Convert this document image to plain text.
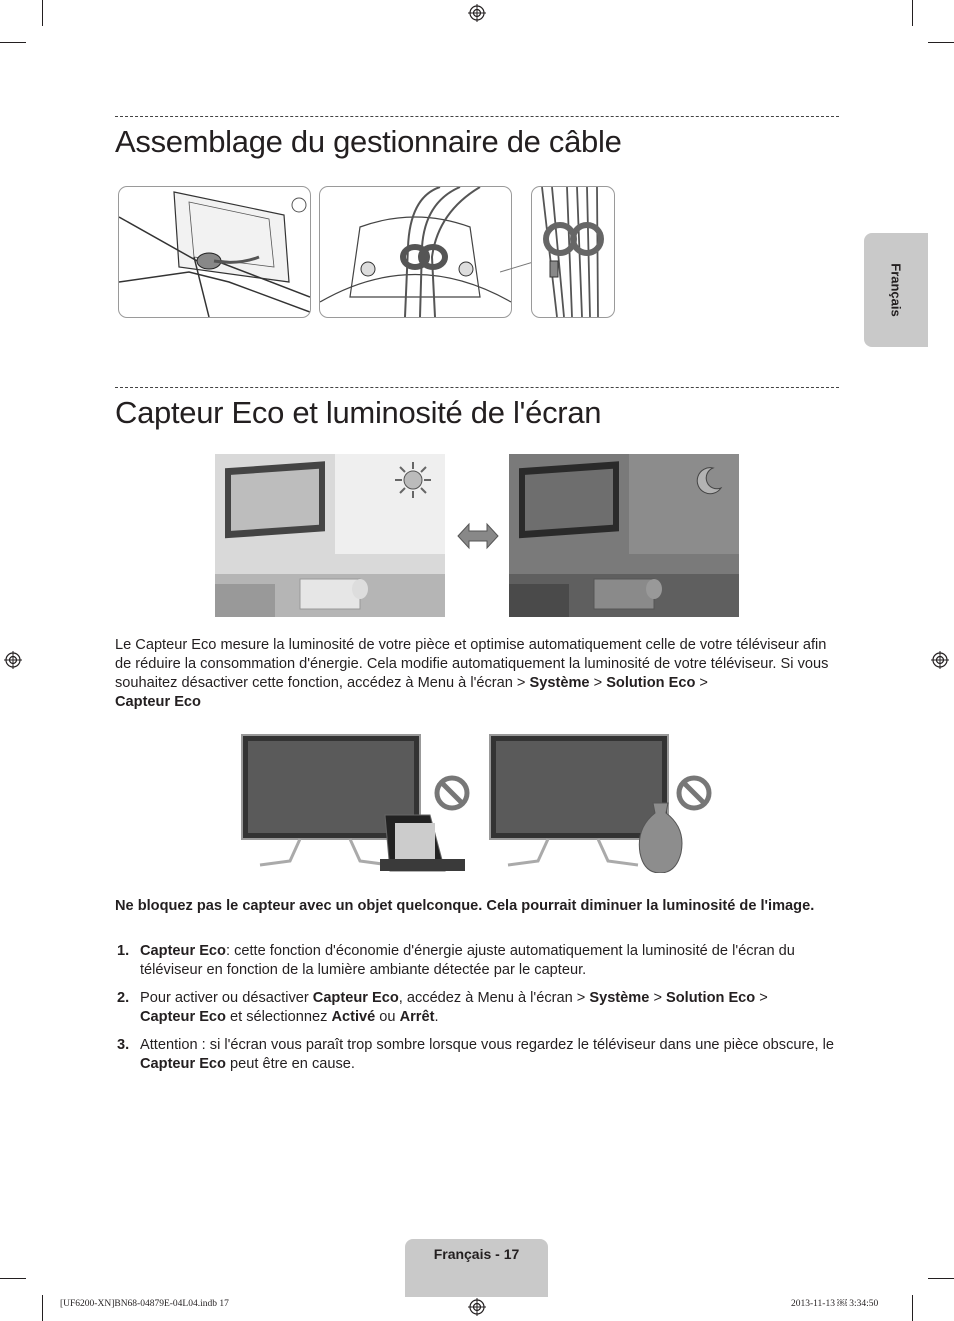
Français
Assemblage du gestionnaire de câble
Capteur Eco et luminosité de l'écran

Le Capteur Eco mesure la luminosité de votre pièce et optimise automatiquement celle de votre téléviseur afin de réduire la consommation d'énergie. Cela modifie automatiquement la luminosité de votre téléviseur. Si vous souhaitez désactiver cette fonction, accédez à Menu à l'écran > Système > Solution Eco >
Capteur Eco

Ne bloquez pas le capteur avec un objet quelconque. Cela pourrait diminuer la luminosité de l'image.

1. Capteur Eco: cette fonction d'économie d'énergie ajuste automatiquement la luminosité de l'écran du téléviseur en fonction de la lumière ambiante détectée par le capteur.
2. Pour activer ou désactiver Capteur Eco, accédez à Menu à l'écran > Système > Solution Eco >
Capteur Eco et sélectionnez Activé ou Arrêt.
3. Attention : si l'écran vous paraît trop sombre lorsque vous regardez le téléviseur dans une pièce obscure, le Capteur Eco peut être en cause.
Français - 17
[UF6200-XN]BN68-04879E-04L04.indb 17	2013-11-13 ￼ 3:34:50
